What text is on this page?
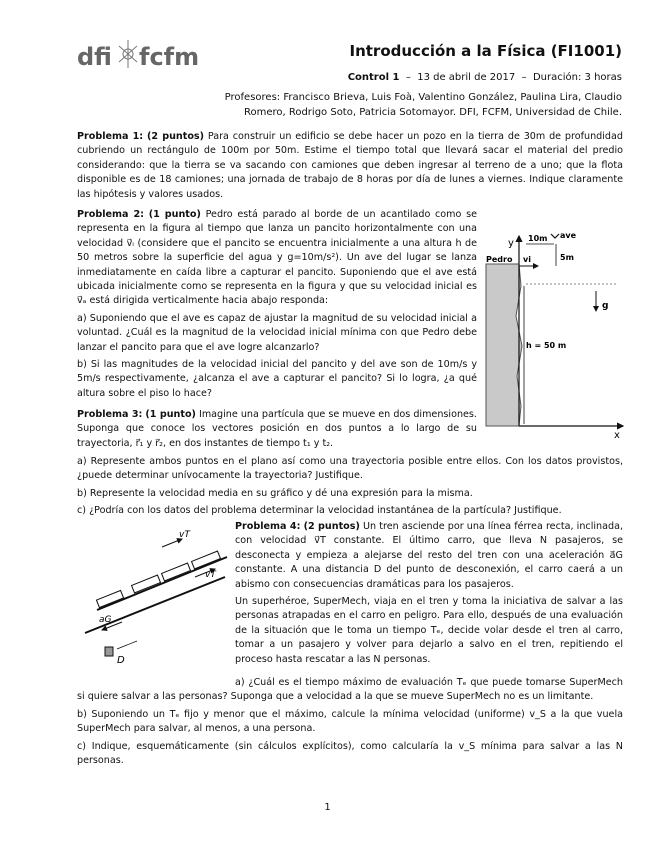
dfi fcfm	Introducción a la Física (FI1001)
Control 1  –  13 de abril de 2017  –  Duración: 3 horas
Profesores: Francisco Brieva, Luis Foà, Valentino González, Paulina Lira, Claudio
Romero, Rodrigo Soto, Patricia Sotomayor. DFI, FCFM, Universidad de Chile.
Problema 1: (2 puntos) Para construir un edificio se debe hacer un pozo en la tierra de 30m de profundidad cubriendo un rectángulo de 100m por 50m. Estime el tiempo total que llevará sacar el material del predio considerando: que la tierra se va sacando con camiones que deben ingresar al terreno de a uno; que la flota disponible es de 18 camiones; una jornada de trabajo de 8 horas por día de lunes a viernes. Indique claramente las hipótesis y valores usados.
Problema 2: (1 punto) Pedro está parado al borde de un acantilado como se representa en la figura al tiempo que lanza un pancito horizontalmente con una velocidad v⃗ᵢ (considere que el pancito se encuentra inicialmente a una altura h de 50 metros sobre la superficie del agua y g=10m/s²). Un ave del lugar se lanza inmediatamente en caída libre a capturar el pancito. Suponiendo que el ave está ubicada inicialmente como se representa en la figura y que su velocidad inicial es v⃗ₐ está dirigida verticalmente hacia abajo responda:
a) Suponiendo que el ave es capaz de ajustar la magnitud de su velocidad inicial a voluntad. ¿Cuál es la magnitud de la velocidad inicial mínima con que Pedro debe lanzar el pancito para que el ave logre alcanzarlo?
b) Si las magnitudes de la velocidad inicial del pancito y del ave son de 10m/s y 5m/s respectivamente, ¿alcanza el ave a capturar el pancito? Si lo logra, ¿a qué altura sobre el piso lo hace?
y
x
Pedro vi
10m ave
5m
g
h = 50 m
Problema 3: (1 punto) Imagine una partícula que se mueve en dos dimensiones. Suponga que conoce los vectores posición en dos puntos a lo largo de su trayectoria, r⃗₁ y r⃗₂, en dos instantes de tiempo t₁ y t₂.
a) Represente ambos puntos en el plano así como una trayectoria posible entre ellos. Con los datos provistos, ¿puede determinar unívocamente la trayectoria? Justifique.
b) Represente la velocidad media en su gráfico y dé una expresión para la misma.
c) ¿Podría con los datos del problema determinar la velocidad instantánea de la partícula? Justifique.
vT
vT
aG
D
Problema 4: (2 puntos) Un tren asciende por una línea férrea recta, inclinada, con velocidad v⃗T constante. El último carro, que lleva N pasajeros, se desconecta y empieza a alejarse del resto del tren con una aceleración a⃗G constante. A una distancia D del punto de desconexión, el carro caerá a un abismo con consecuencias dramáticas para los pasajeros.
Un superhéroe, SuperMech, viaja en el tren y toma la iniciativa de salvar a las personas atrapadas en el carro en peligro. Para ello, después de una evaluación de la situación que le toma un tiempo Tₑ, decide volar desde el tren al carro, tomar a un pasajero y volver para dejarlo a salvo en el tren, repitiendo el proceso hasta rescatar a las N personas.
a) ¿Cuál es el tiempo máximo de evaluación Tₑ que puede tomarse SuperMech si quiere salvar a las personas? Suponga que a velocidad a la que se mueve SuperMech no es un limitante.
b) Suponiendo un Tₑ fijo y menor que el máximo, calcule la mínima velocidad (uniforme) v_S a la que vuela SuperMech para salvar, al menos, a una persona.
c) Indique, esquemáticamente (sin cálculos explícitos), como calcularía la v_S mínima para salvar a las N personas.
1
